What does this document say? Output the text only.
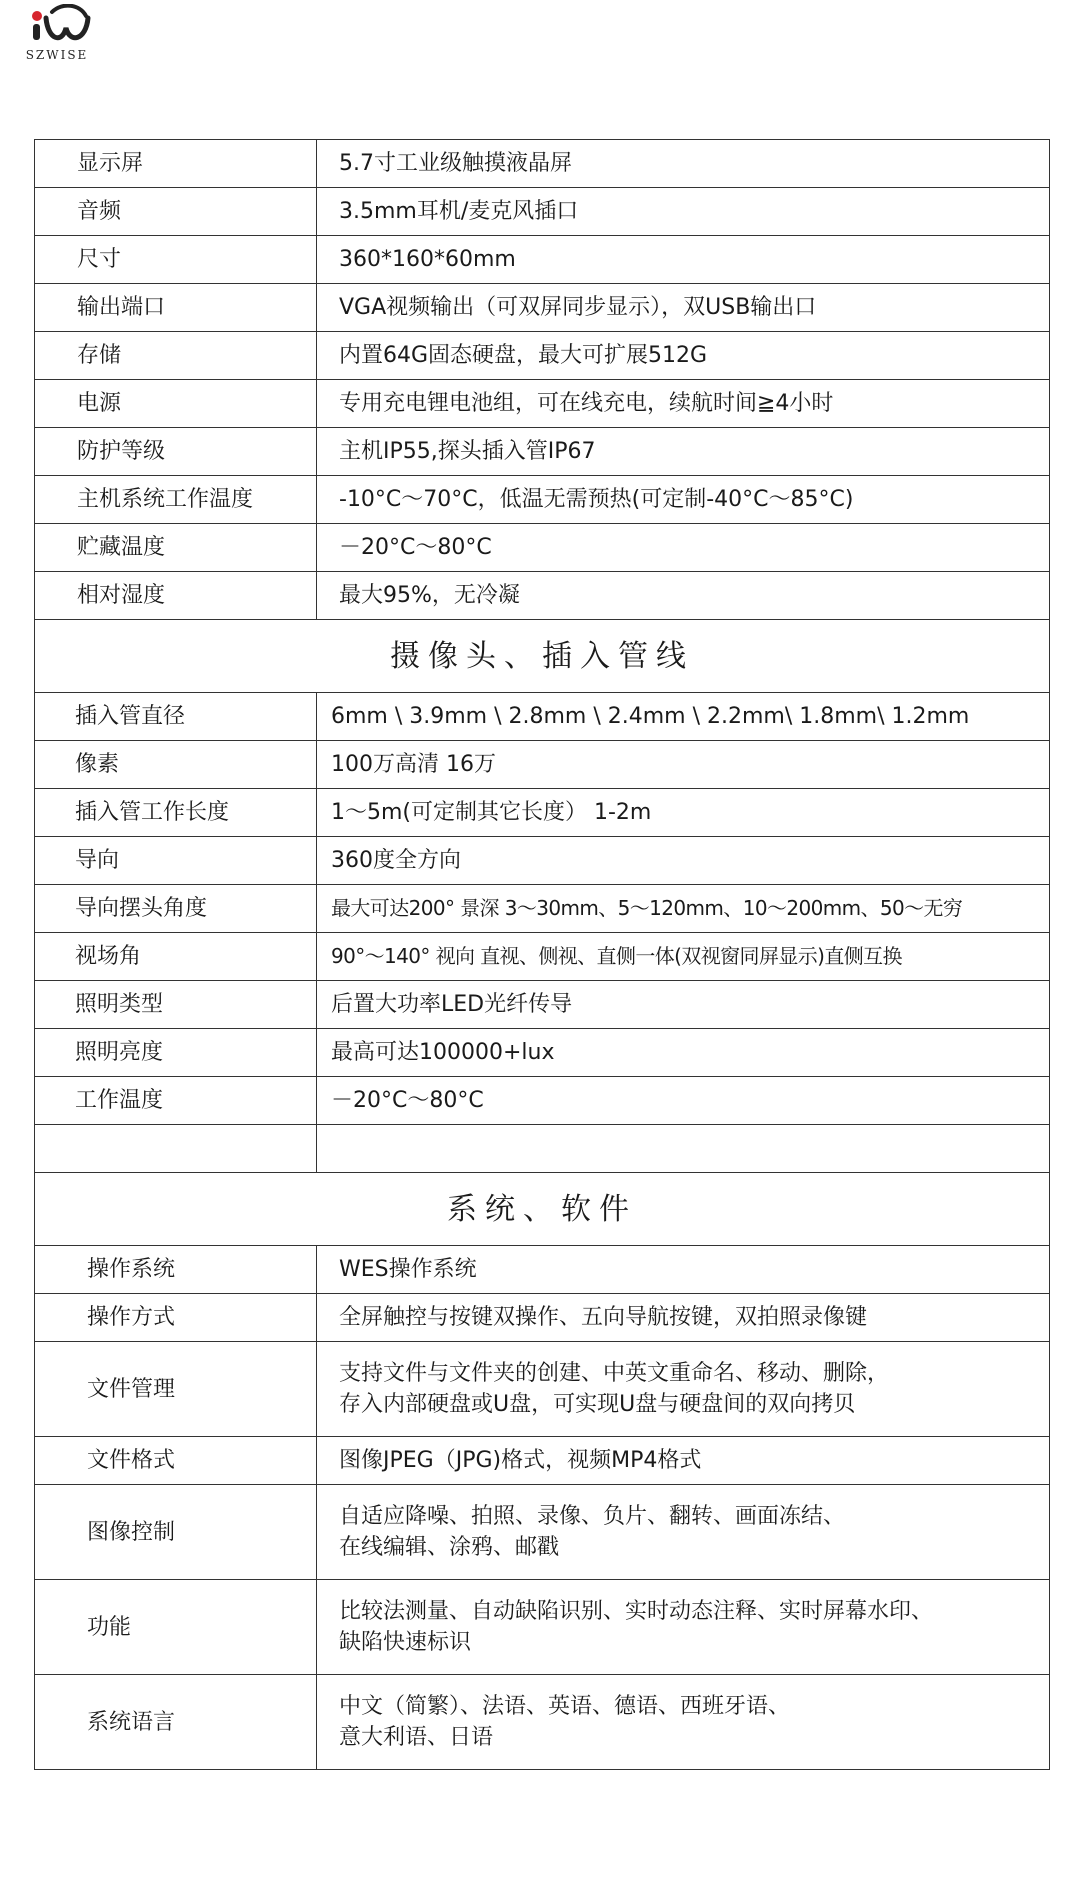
SZWISE
显示屏	5.7寸工业级触摸液晶屏
音频	3.5mm耳机/麦克风插口
尺寸	360*160*60mm
输出端口	VGA视频输出（可双屏同步显示），双USB输出口
存储	内置64G固态硬盘，最大可扩展512G
电源	专用充电锂电池组，可在线充电，续航时间≧4小时
防护等级	主机IP55,探头插入管IP67
主机系统工作温度	-10°C～70°C，低温无需预热(可定制-40°C～85°C)
贮藏温度	－20°C～80°C
相对湿度	最大95%，无冷凝
摄像头、插入管线	
插入管直径	6mm \ 3.9mm \ 2.8mm \ 2.4mm \ 2.2mm\ 1.8mm\ 1.2mm
像素	100万高清 16万
插入管工作长度	1～5m(可定制其它长度） 1-2m
导向	360度全方向
导向摆头角度	最大可达200° 景深 3～30mm、5～120mm、10～200mm、50～无穷
视场角	90°～140° 视向 直视、侧视、直侧一体(双视窗同屏显示)直侧互换
照明类型	后置大功率LED光纤传导
照明亮度	最高可达100000+lux
工作温度	－20°C～80°C

系统、软件	
操作系统	WES操作系统
操作方式	全屏触控与按键双操作、五向导航按键，双拍照录像键
文件管理	支持文件与文件夹的创建、中英文重命名、移动、删除，
存入内部硬盘或U盘，可实现U盘与硬盘间的双向拷贝

文件格式	图像JPEG（JPG)格式，视频MP4格式
图像控制	自适应降噪、拍照、录像、负片、翻转、画面冻结、
在线编辑、涂鸦、邮戳

功能	比较法测量、自动缺陷识别、实时动态注释、实时屏幕水印、
缺陷快速标识

系统语言	中文（简繁）、法语、英语、德语、西班牙语、
意大利语、日语
